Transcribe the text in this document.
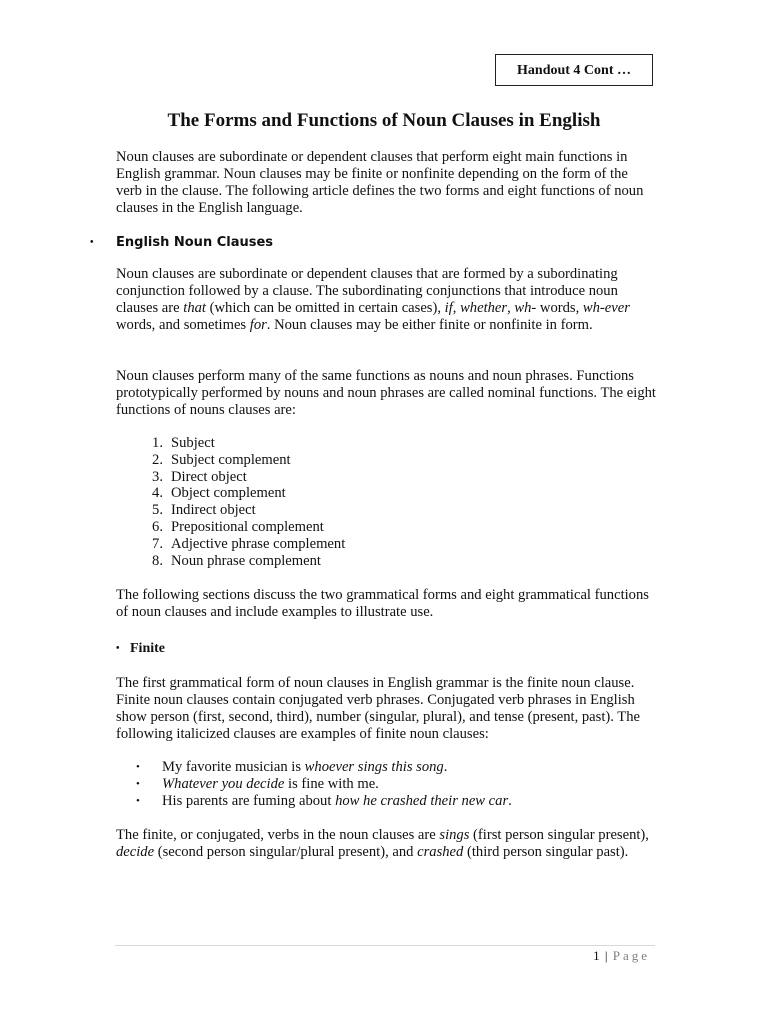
Handout 4 Cont …
The Forms and Functions of Noun Clauses in English

Noun clauses are subordinate or dependent clauses that perform eight main functions in English grammar. Noun clauses may be finite or nonfinite depending on the form of the verb in the clause. The following article defines the two forms and eight functions of noun clauses in the English language.

•	English Noun Clauses

Noun clauses are subordinate or dependent clauses that are formed by a subordinating conjunction followed by a clause. The subordinating conjunctions that introduce noun clauses are that (which can be omitted in certain cases), if, whether, wh- words, wh-ever words, and sometimes for. Noun clauses may be either finite or nonfinite in form.

Noun clauses perform many of the same functions as nouns and noun phrases. Functions prototypically performed by nouns and noun phrases are called nominal functions. The eight functions of nouns clauses are:

1. Subject
2. Subject complement
3. Direct object
4. Object complement
5. Indirect object
6. Prepositional complement
7. Adjective phrase complement
8. Noun phrase complement

The following sections discuss the two grammatical forms and eight grammatical functions of noun clauses and include examples to illustrate use.

• Finite

The first grammatical form of noun clauses in English grammar is the finite noun clause. Finite noun clauses contain conjugated verb phrases. Conjugated verb phrases in English show person (first, second, third), number (singular, plural), and tense (present, past). The following italicized clauses are examples of finite noun clauses:

•	My favorite musician is whoever sings this song.
•	Whatever you decide is fine with me.
•	His parents are fuming about how he crashed their new car.

The finite, or conjugated, verbs in the noun clauses are sings (first person singular present), decide (second person singular/plural present), and crashed (third person singular past).

1 | Page
